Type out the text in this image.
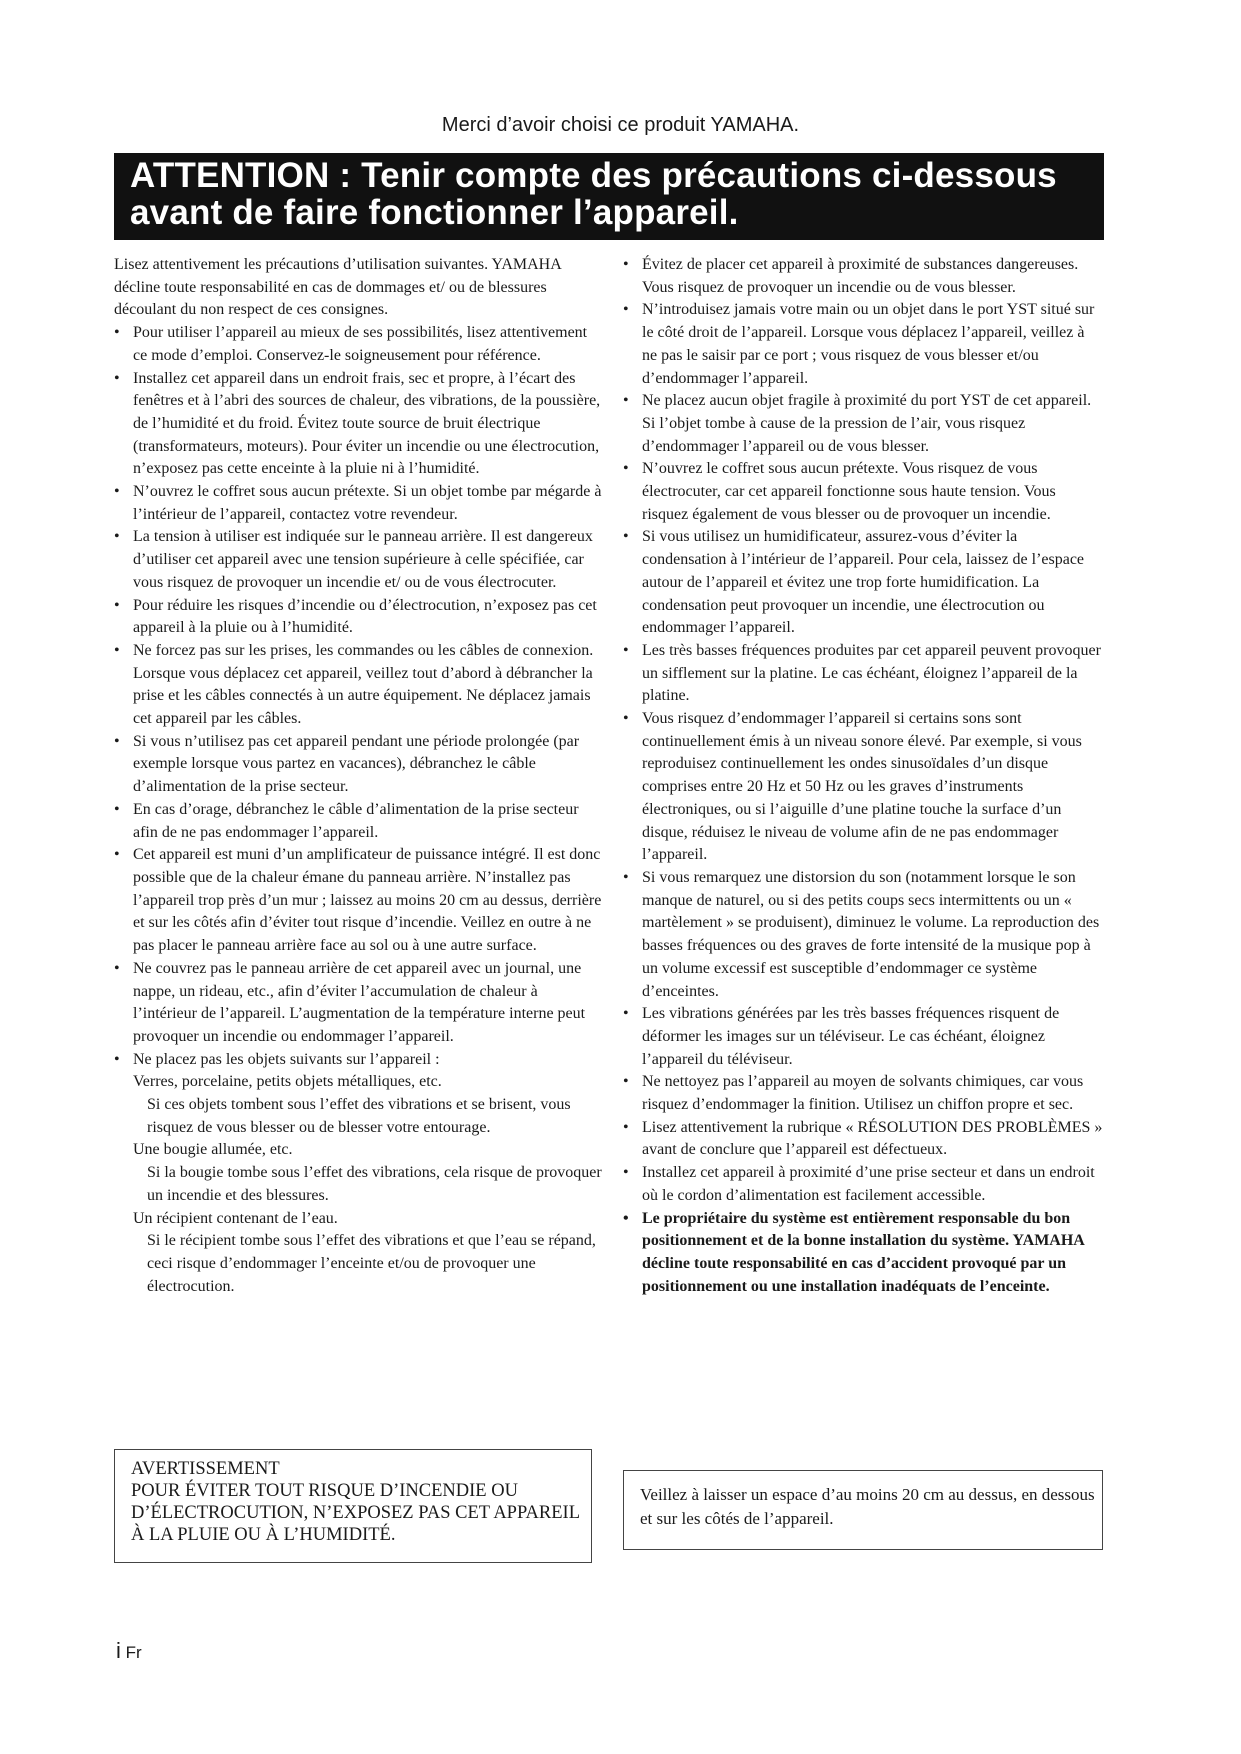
Merci d’avoir choisi ce produit YAMAHA.
ATTENTION : Tenir compte des précautions ci-dessous
avant de faire fonctionner l’appareil.

Lisez attentivement les précautions d’utilisation suivantes. YAMAHA décline toute responsabilité en cas de dommages et/ ou de blessures découlant du non respect de ces consignes.

• Pour utiliser l’appareil au mieux de ses possibilités, lisez attentivement ce mode d’emploi. Conservez-le soigneusement pour référence.
• Installez cet appareil dans un endroit frais, sec et propre, à l’écart des fenêtres et à l’abri des sources de chaleur, des vibrations, de la poussière, de l’humidité et du froid. Évitez toute source de bruit électrique (transformateurs, moteurs). Pour éviter un incendie ou une électrocution, n’exposez pas cette enceinte à la pluie ni à l’humidité.
• N’ouvrez le coffret sous aucun prétexte. Si un objet tombe par mégarde à l’intérieur de l’appareil, contactez votre revendeur.
• La tension à utiliser est indiquée sur le panneau arrière. Il est dangereux d’utiliser cet appareil avec une tension supérieure à celle spécifiée, car vous risquez de provoquer un incendie et/ ou de vous électrocuter.
• Pour réduire les risques d’incendie ou d’électrocution, n’exposez pas cet appareil à la pluie ou à l’humidité.
• Ne forcez pas sur les prises, les commandes ou les câbles de connexion. Lorsque vous déplacez cet appareil, veillez tout d’abord à débrancher la prise et les câbles connectés à un autre équipement. Ne déplacez jamais cet appareil par les câbles.
• Si vous n’utilisez pas cet appareil pendant une période prolongée (par exemple lorsque vous partez en vacances), débranchez le câble d’alimentation de la prise secteur.
• En cas d’orage, débranchez le câble d’alimentation de la prise secteur afin de ne pas endommager l’appareil.
• Cet appareil est muni d’un amplificateur de puissance intégré. Il est donc possible que de la chaleur émane du panneau arrière. N’installez pas l’appareil trop près d’un mur ; laissez au moins 20 cm au dessus, derrière et sur les côtés afin d’éviter tout risque d’incendie. Veillez en outre à ne pas placer le panneau arrière face au sol ou à une autre surface.
• Ne couvrez pas le panneau arrière de cet appareil avec un journal, une nappe, un rideau, etc., afin d’éviter l’accumulation de chaleur à l’intérieur de l’appareil. L’augmentation de la température interne peut provoquer un incendie ou endommager l’appareil.
• Ne placez pas les objets suivants sur l’appareil :
Verres, porcelaine, petits objets métalliques, etc.
Si ces objets tombent sous l’effet des vibrations et se brisent, vous risquez de vous blesser ou de blesser votre entourage.
Une bougie allumée, etc.
Si la bougie tombe sous l’effet des vibrations, cela risque de provoquer un incendie et des blessures.
Un récipient contenant de l’eau.
Si le récipient tombe sous l’effet des vibrations et que l’eau se répand, ceci risque d’endommager l’enceinte et/ou de provoquer une électrocution.
AVERTISSEMENT
POUR ÉVITER TOUT RISQUE D’INCENDIE OU D’ÉLECTROCUTION, N’EXPOSEZ PAS CET APPAREIL À LA PLUIE OU À L’HUMIDITÉ.
• Évitez de placer cet appareil à proximité de substances dangereuses. Vous risquez de provoquer un incendie ou de vous blesser.
• N’introduisez jamais votre main ou un objet dans le port YST situé sur le côté droit de l’appareil. Lorsque vous déplacez l’appareil, veillez à ne pas le saisir par ce port ; vous risquez de vous blesser et/ou d’endommager l’appareil.
• Ne placez aucun objet fragile à proximité du port YST de cet appareil. Si l’objet tombe à cause de la pression de l’air, vous risquez d’endommager l’appareil ou de vous blesser.
• N’ouvrez le coffret sous aucun prétexte. Vous risquez de vous électrocuter, car cet appareil fonctionne sous haute tension. Vous risquez également de vous blesser ou de provoquer un incendie.
• Si vous utilisez un humidificateur, assurez-vous d’éviter la condensation à l’intérieur de l’appareil. Pour cela, laissez de l’espace autour de l’appareil et évitez une trop forte humidification. La condensation peut provoquer un incendie, une électrocution ou endommager l’appareil.
• Les très basses fréquences produites par cet appareil peuvent provoquer un sifflement sur la platine. Le cas échéant, éloignez l’appareil de la platine.
• Vous risquez d’endommager l’appareil si certains sons sont continuellement émis à un niveau sonore élevé. Par exemple, si vous reproduisez continuellement les ondes sinusoïdales d’un disque comprises entre 20 Hz et 50 Hz ou les graves d’instruments électroniques, ou si l’aiguille d’une platine touche la surface d’un disque, réduisez le niveau de volume afin de ne pas endommager l’appareil.
• Si vous remarquez une distorsion du son (notamment lorsque le son manque de naturel, ou si des petits coups secs intermittents ou un « martèlement » se produisent), diminuez le volume. La reproduction des basses fréquences ou des graves de forte intensité de la musique pop à un volume excessif est susceptible d’endommager ce système d’enceintes.
• Les vibrations générées par les très basses fréquences risquent de déformer les images sur un téléviseur. Le cas échéant, éloignez l’appareil du téléviseur.
• Ne nettoyez pas l’appareil au moyen de solvants chimiques, car vous risquez d’endommager la finition. Utilisez un chiffon propre et sec.
• Lisez attentivement la rubrique « RÉSOLUTION DES PROBLÈMES » avant de conclure que l’appareil est défectueux.
• Installez cet appareil à proximité d’une prise secteur et dans un endroit où le cordon d’alimentation est facilement accessible.
• Le propriétaire du système est entièrement responsable du bon positionnement et de la bonne installation du système. YAMAHA décline toute responsabilité en cas d’accident provoqué par un positionnement ou une installation inadéquats de l’enceinte.
Veillez à laisser un espace d’au moins 20 cm au dessus, en dessous et sur les côtés de l’appareil.
i Fr
